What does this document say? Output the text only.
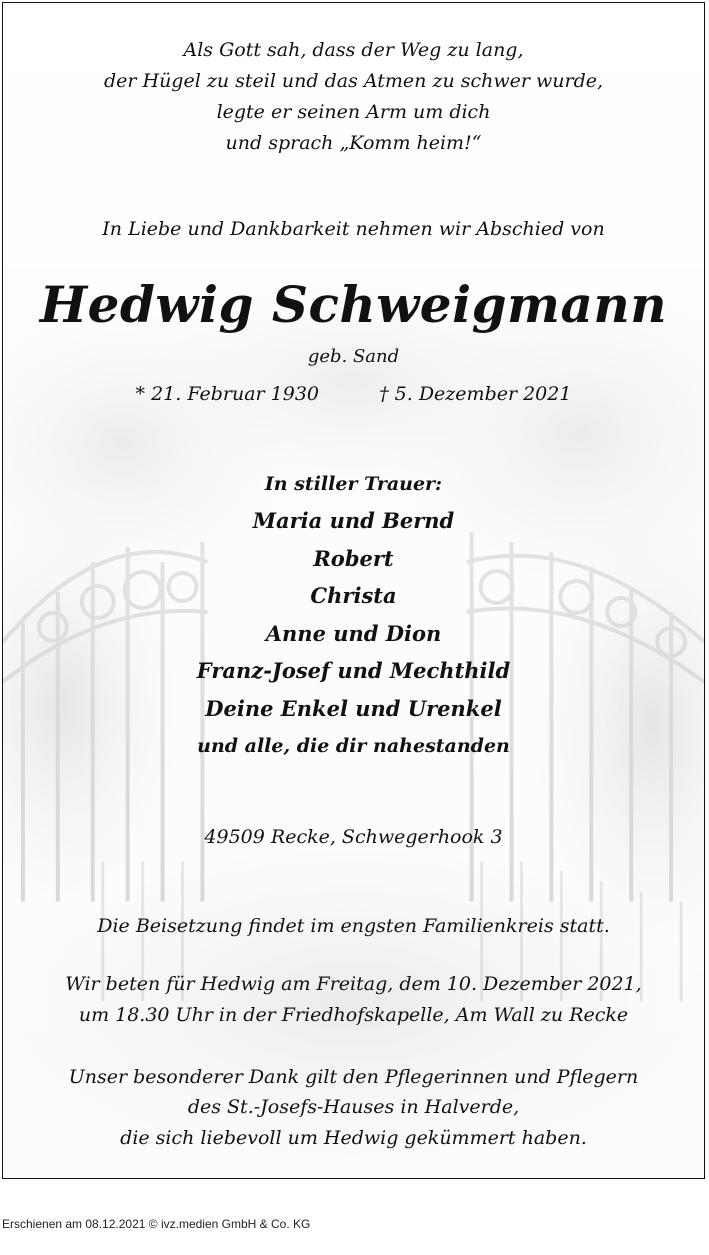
Als Gott sah, dass der Weg zu lang,
der Hügel zu steil und das Atmen zu schwer wurde,
legte er seinen Arm um dich
und sprach „Komm heim!“
In Liebe und Dankbarkeit nehmen wir Abschied von
Hedwig Schweigmann
geb. Sand
* 21. Februar 1930	† 5. Dezember 2021
In stiller Trauer:
Maria und Bernd
Robert
Christa
Anne und Dion
Franz-Josef und Mechthild
Deine Enkel und Urenkel
und alle, die dir nahestanden
49509 Recke, Schwegerhook 3
Die Beisetzung findet im engsten Familienkreis statt.
Wir beten für Hedwig am Freitag, dem 10. Dezember 2021,
um 18.30 Uhr in der Friedhofskapelle, Am Wall zu Recke
Unser besonderer Dank gilt den Pflegerinnen und Pflegern
des St.-Josefs-Hauses in Halverde,
die sich liebevoll um Hedwig gekümmert haben.
Erschienen am 08.12.2021 © ivz.medien GmbH & Co. KG
